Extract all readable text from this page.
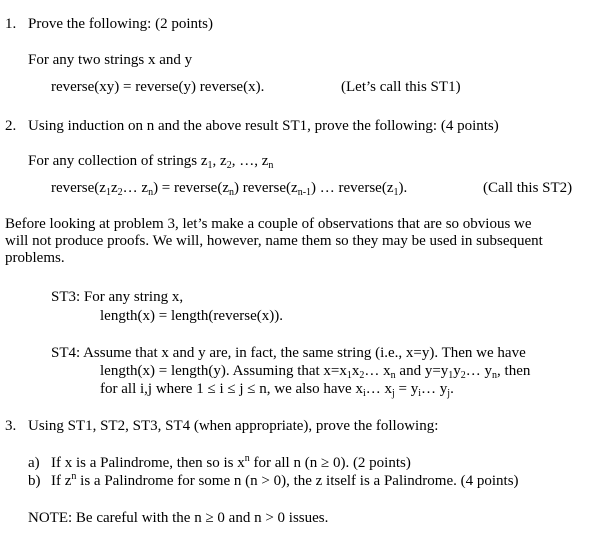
1. Prove the following: (2 points)
For any two strings x and y
reverse(xy) = reverse(y) reverse(x).	(Let’s call this ST1)
2. Using induction on n and the above result ST1, prove the following: (4 points)
For any collection of strings $z_1$, $z_2$, …, $z_n$
$reverse(z_1z_2\dots$ $z_n$) = $reverse(z_n)$ $reverse(z_{n-1})$ … $reverse(z_1)$.	(Call this ST2)
Before looking at problem 3, let’s make a couple of observations that are so obvious we will not produce proofs. We will, however, name them so they may be used in subsequent problems.
ST3: For any string x,
length(x) = length(reverse(x)).
ST4: Assume that x and y are, in fact, the same string (i.e., x=y). Then we have
length(x) = length(y). Assuming that $x=x_1x_2\dots$ $x_n$ and $y=y_1y_2\dots$ $y_n$, then
for all i,j where 1 ≤ i ≤ j ≤ n, we also have $x_i\dots$ $x_j$ = $y_i\dots$ $y_j$.
3. Using ST1, ST2, ST3, ST4 (when appropriate), prove the following:
a) If x is a Palindrome, then so is $x^n$ for all n (n ≥ 0). (2 points)
b) If $z^n$ is a Palindrome for some n (n > 0), the z itself is a Palindrome. (4 points)
NOTE: Be careful with the n ≥ 0 and n > 0 issues.
